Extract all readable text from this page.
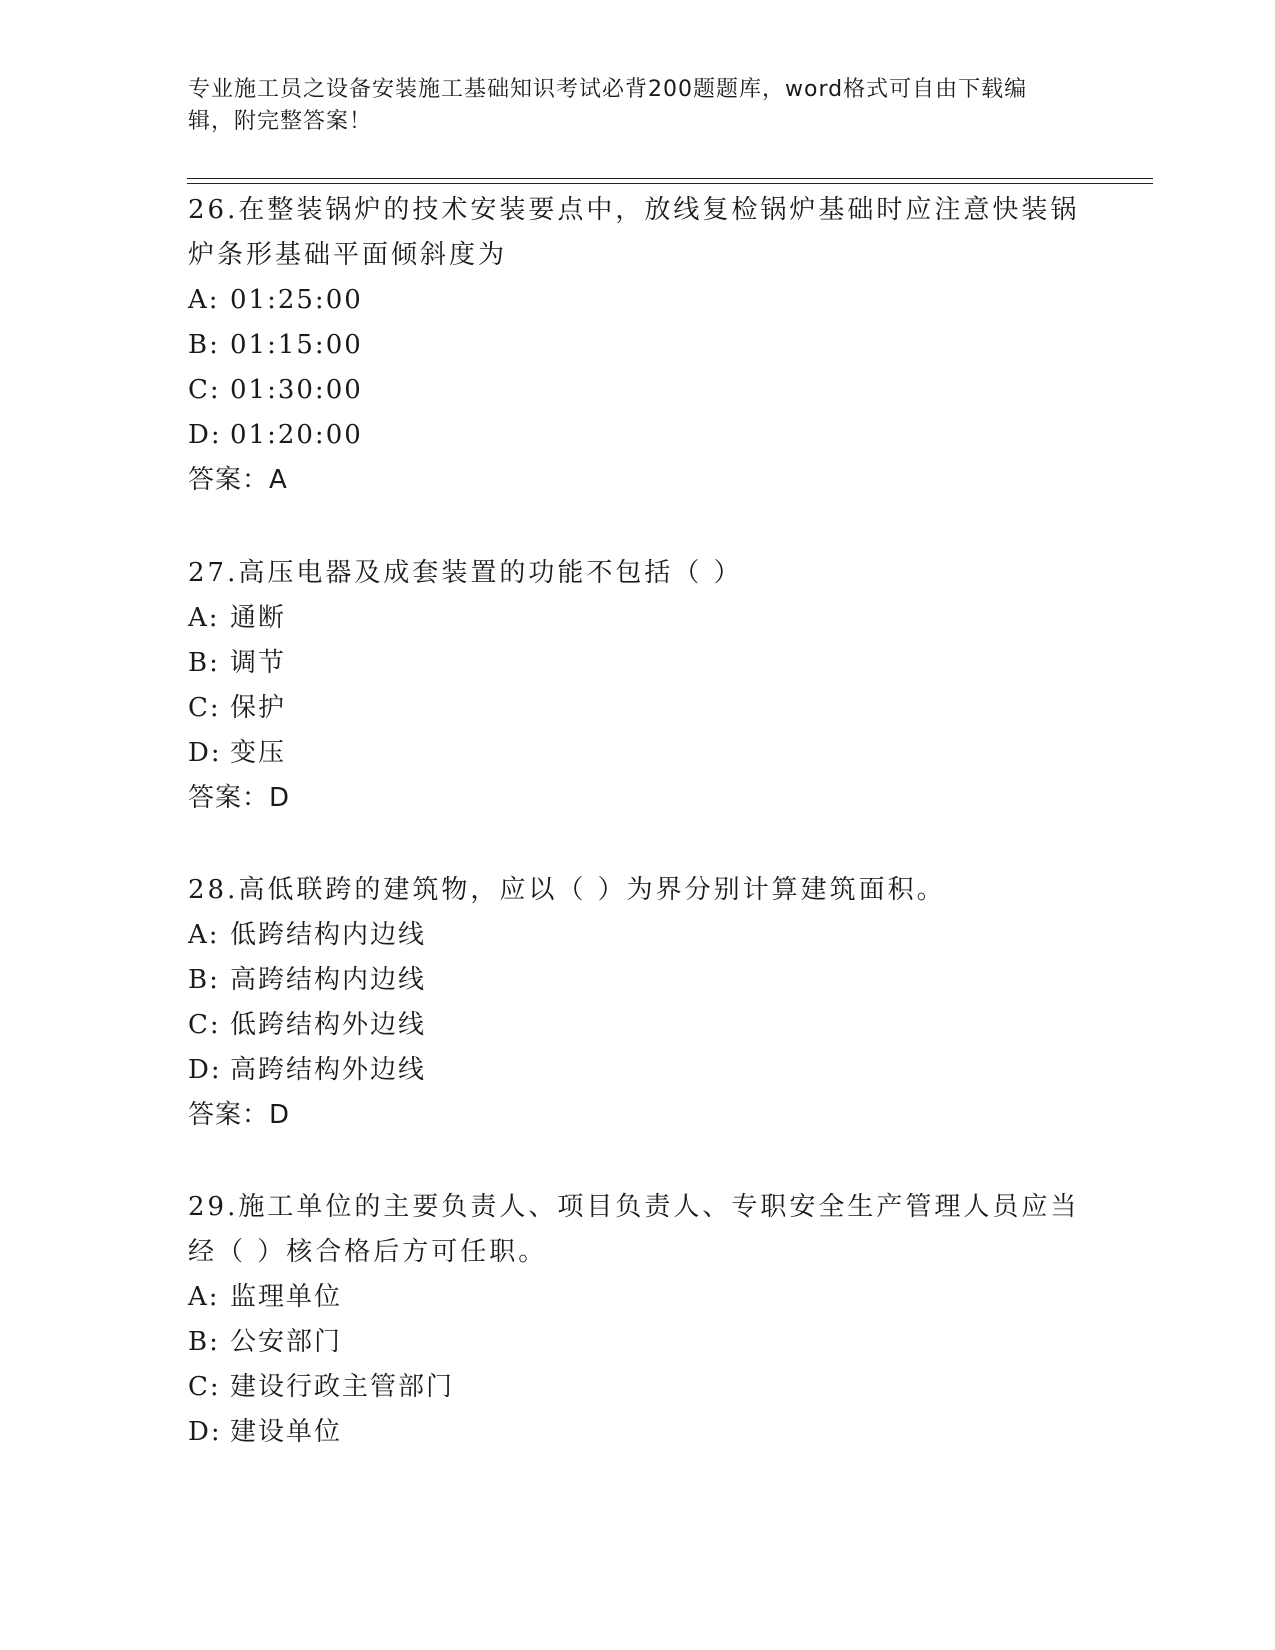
专业施工员之设备安装施工基础知识考试必背200题题库，word格式可自由下载编辑，附完整答案！

26.在整装锅炉的技术安装要点中，放线复检锅炉基础时应注意快装锅炉条形基础平面倾斜度为

A: 01:25:00

B: 01:15:00

C: 01:30:00

D: 01:20:00

答案：A

27.高压电器及成套装置的功能不包括（ ）

A: 通断

B: 调节

C: 保护

D: 变压

答案：D

28.高低联跨的建筑物，应以（ ）为界分别计算建筑面积。

A: 低跨结构内边线

B: 高跨结构内边线

C: 低跨结构外边线

D: 高跨结构外边线

答案：D

29.施工单位的主要负责人、项目负责人、专职安全生产管理人员应当经（ ）核合格后方可任职。

A: 监理单位

B: 公安部门

C: 建设行政主管部门

D: 建设单位
